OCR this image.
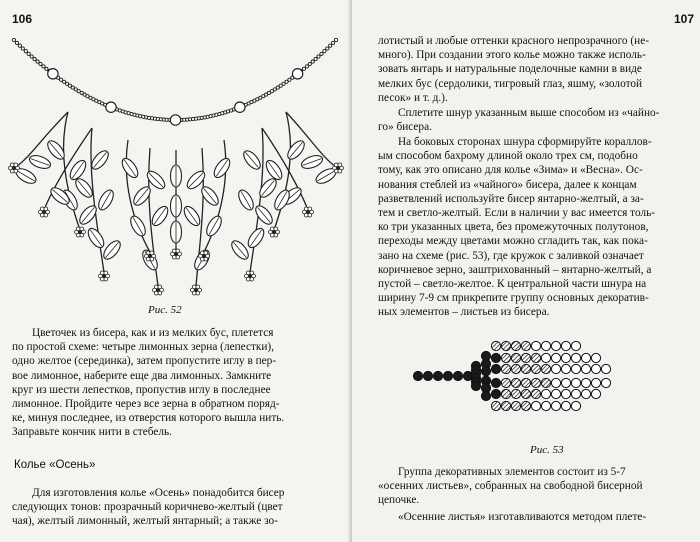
106
Рис. 52
Цветочек из бисера, как и из мелких бус, плетется
по простой схеме: четыре лимонных зерна (лепестки),
одно желтое (серединка), затем пропустите иглу в пер-
вое лимонное, наберите еще два лимонных. Замкните
круг из шести лепестков, пропустив иглу в последнее
лимонное. Пройдите через все зерна в обратном поряд-
ке, минуя последнее, из отверстия которого вышла нить.
Заправьте кончик нити в стебель.
Колье «Осень»
Для изготовления колье «Осень» понадобится бисер
следующих тонов: прозрачный коричнево-желтый (цвет
чая), желтый лимонный, желтый янтарный; а также зо-
107
лотистый и любые оттенки красного непрозрачного (не-
много). При создании этого колье можно также исполь-
зовать янтарь и натуральные поделочные камни в виде
мелких бус (сердолики, тигровый глаз, яшму, «золотой
песок» и т. д.).
Сплетите шнур указанным выше способом из «чайно-
го» бисера.
На боковых сторонах шнура сформируйте кораллов-
ым способом бахрому длиной около трех см, подобно
тому, как это описано для колье «Зима» и «Весна». Ос-
нования стеблей из «чайного» бисера, далее к концам
разветвлений используйте бисер янтарно-желтый, а за-
тем и светло-желтый. Если в наличии у вас имеется толь-
ко три указанных цвета, без промежуточных полутонов,
переходы между цветами можно сгладить так, как пока-
зано на схеме (рис. 53), где кружок с заливкой означает
коричневое зерно, заштрихованный – янтарно-желтый, а
пустой – светло-желтое. К центральной части шнура на
ширину 7-9 см прикрепите группу основных декоратив-
ных элементов – листьев из бисера.
Рис. 53
Группа декоративных элементов состоит из 5-7
«осенних листьев», собранных на свободной бисерной
цепочке.
«Осенние листья» изготавливаются методом плете-
